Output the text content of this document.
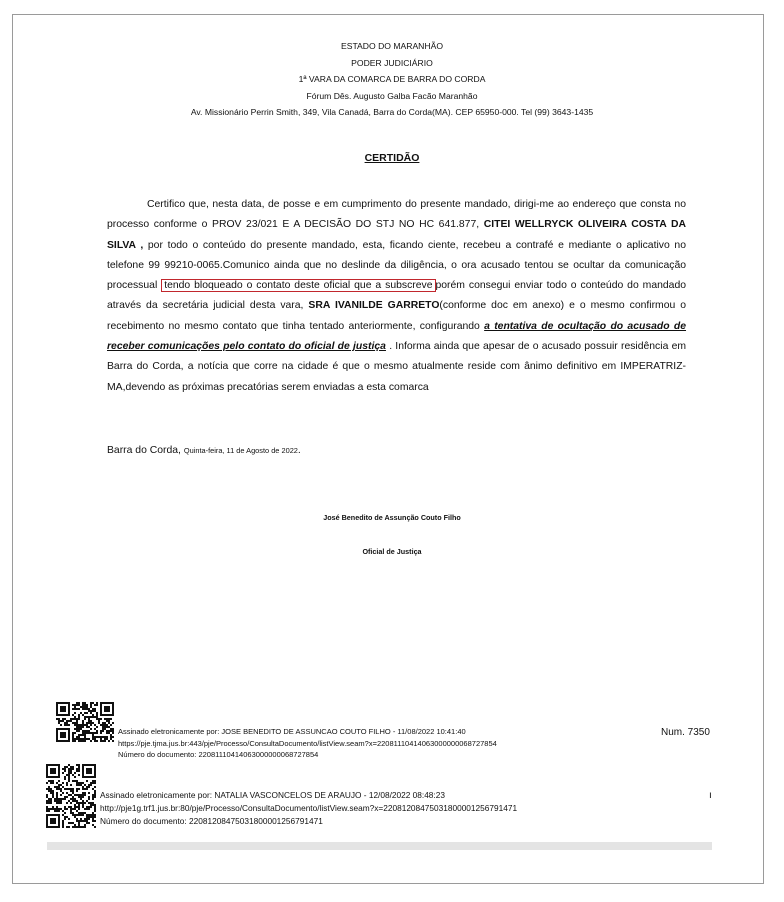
ESTADO DO MARANHÃO
PODER JUDICIÁRIO
1ª VARA DA COMARCA DE BARRA DO CORDA
Fórum Dês. Augusto Galba Facão Maranhão
Av. Missionário Perrin Smith, 349, Vila Canadá, Barra do Corda(MA). CEP 65950-000. Tel (99) 3643-1435
CERTIDÃO

Certifico que, nesta data, de posse e em cumprimento do presente mandado, dirigi-me ao endereço que consta no processo conforme o PROV 23/021 E A DECISÃO DO STJ NO HC 641.877, CITEI WELLRYCK OLIVEIRA COSTA DA SILVA , por todo o conteúdo do presente mandado, esta, ficando ciente, recebeu a contrafé e mediante o aplicativo no telefone 99 99210-0065.Comunico ainda que no deslinde da diligência, o ora acusado tentou se ocultar da comunicação processual tendo bloqueado o contato deste oficial que a subscreve porém consegui enviar todo o conteúdo do mandado através da secretária judicial desta vara, SRA IVANILDE GARRETO(conforme doc em anexo) e o mesmo confirmou o recebimento no mesmo contato que tinha tentado anteriormente, configurando a tentativa de ocultação do acusado de receber comunicações pelo contato do oficial de justiça . Informa ainda que apesar de o acusado possuir residência em Barra do Corda, a notícia que corre na cidade é que o mesmo atualmente reside com ânimo definitivo em IMPERATRIZ-MA,devendo as próximas precatórias serem enviadas a esta comarca

Barra do Corda, Quinta-feira, 11 de Agosto de 2022.
José Benedito de Assunção Couto Filho
Oficial de Justiça
Assinado eletronicamente por: JOSE BENEDITO DE ASSUNCAO COUTO FILHO - 11/08/2022 10:41:40
https://pje.tjma.jus.br:443/pje/Processo/ConsultaDocumento/listView.seam?x=22081110414063000000068727854
Número do documento: 22081110414063000000068727854
Num. 7350
Assinado eletronicamente por: NATALIA VASCONCELOS DE ARAUJO - 12/08/2022 08:48:23
http://pje1g.trf1.jus.br:80/pje/Processo/ConsultaDocumento/listView.seam?x=22081208475031800001256791471
Número do documento: 22081208475031800001256791471
ı
